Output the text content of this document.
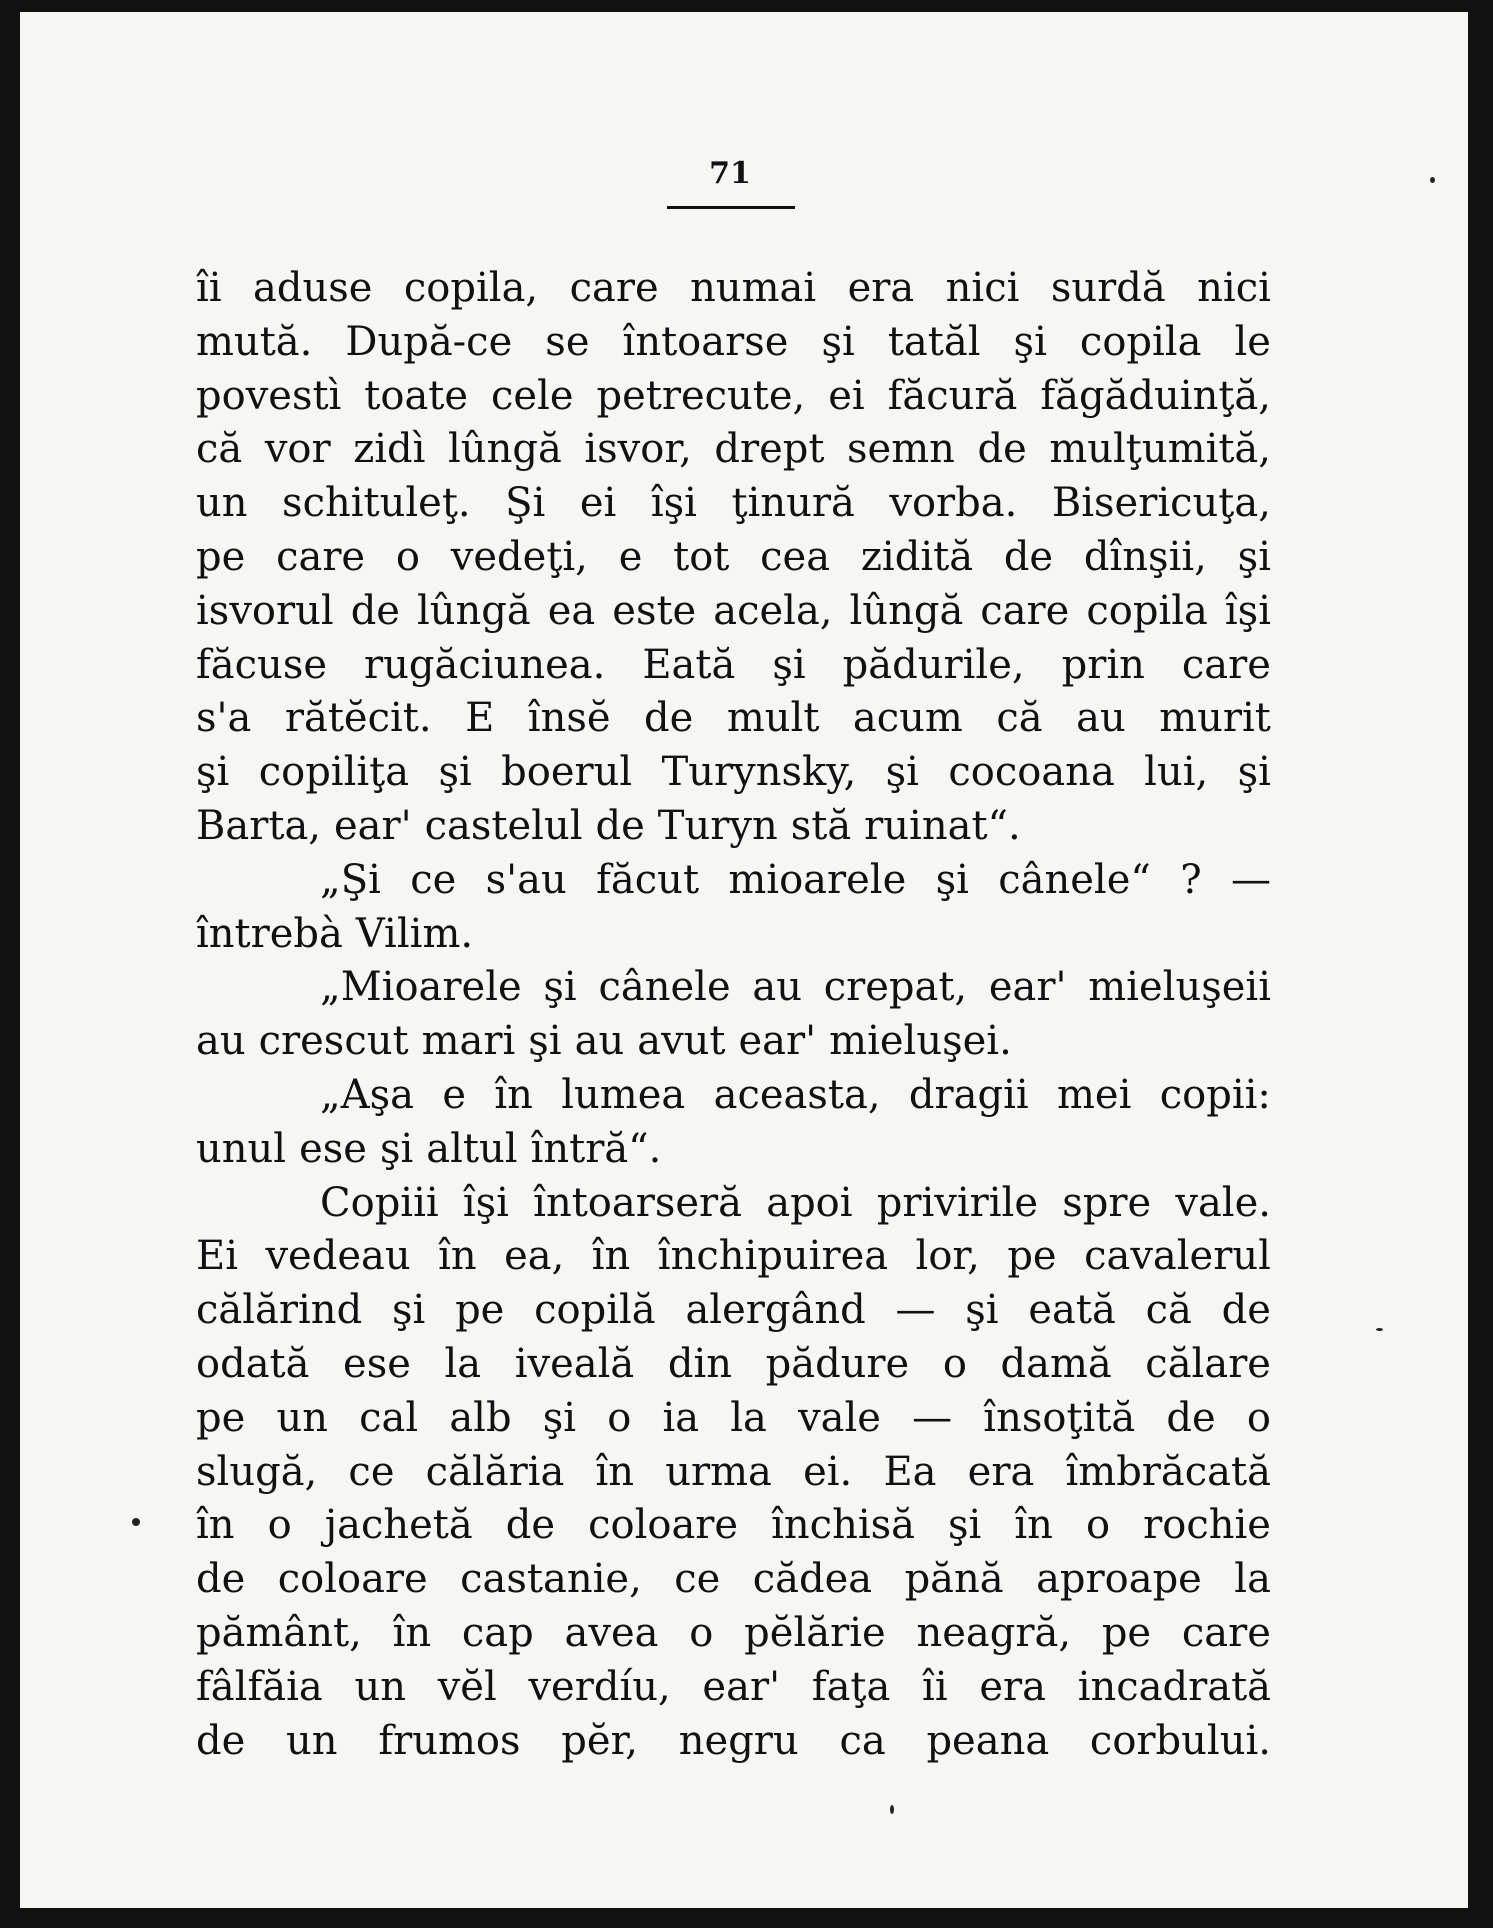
71
îi aduse copila, care numai era nici surdă nici
mută. După-ce se întoarse şi tatăl şi copila le
povestì toate cele petrecute, ei făcură făgăduinţă,
că vor zidì lûngă isvor, drept semn de mulţumită,
un schituleţ. Şi ei îşi ţinură vorba. Bisericuţa,
pe care o vedeţi, e tot cea zidită de dînşii, şi
isvorul de lûngă ea este acela, lûngă care copila îşi
făcuse rugăciunea. Eată şi pădurile, prin care
s'a rătĕcit. E însĕ de mult acum că au murit
şi copiliţa şi boerul Turynsky, şi cocoana lui, şi
Barta, ear' castelul de Turyn stă ruinat“.
„Şi ce s'au făcut mioarele şi cânele“ ? —
întrebà Vilim.
„Mioarele şi cânele au crepat, ear' mieluşeii
au crescut mari şi au avut ear' mieluşei.
„Aşa e în lumea aceasta, dragii mei copii:
unul ese şi altul întră“.
Copiii îşi întoarseră apoi privirile spre vale.
Ei vedeau în ea, în închipuirea lor, pe cavalerul
călărind şi pe copilă alergând — şi eată că de
odată ese la iveală din pădure o damă călare
pe un cal alb şi o ia la vale — însoţită de o
slugă, ce călăria în urma ei. Ea era îmbrăcată
în o jachetă de coloare închisă şi în o rochie
de coloare castanie, ce cădea pănă aproape la
pământ, în cap avea o pĕlărie neagră, pe care
fâlfăia un vĕl verdíu, ear' faţa îi era incadrată
de un frumos pĕr, negru ca peana corbului.
